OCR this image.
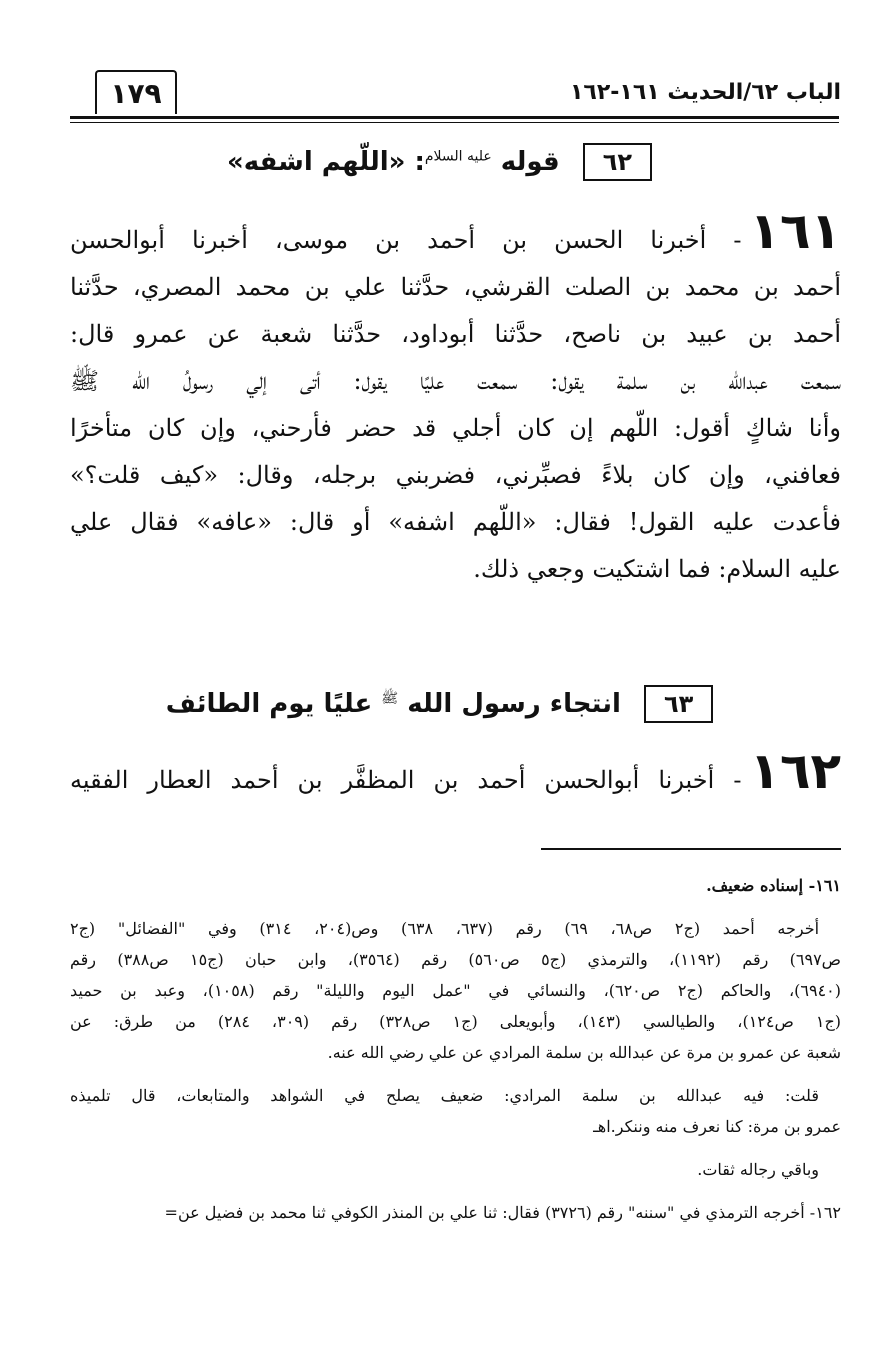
الباب ٦٢/الحديث ١٦١-١٦٢
١٧٩
٦٢ قوله $^{عليه السلام}$: «اللّهم اشفه»
١٦١- أخبرنا الحسن بن أحمد بن موسى، أخبرنا أبوالحسن
أحمد بن محمد بن الصلت القرشي، حدَّثنا علي بن محمد المصري، حدَّثنا
أحمد بن عبيد بن ناصح، حدَّثنا أبوداود، حدَّثنا شعبة عن عمرو قال:
سمعت عبدالله بن سلمة يقول: سمعت عليًا يقول: أتى إلي رسولُ الله ﷺ
وأنا شاكٍ أقول: اللّهم إن كان أجلي قد حضر فأرحني، وإن كان متأخرًا
فعافني، وإن كان بلاءً فصبِّرني، فضربني برجله، وقال: «كيف قلت؟»
فأعدت عليه القول! فقال: «اللّهم اشفه» أو قال: «عافه» فقال علي
عليه السلام: فما اشتكيت وجعي ذلك.
٦٣ انتجاء رسول الله $^ﷺ$ عليًا يوم الطائف
١٦٢- أخبرنا أبوالحسن أحمد بن المظفَّر بن أحمد العطار الفقيه
١٦١- إسناده ضعيف.
أخرجه أحمد (ج٢ ص٦٨، ٦٩) رقم (٦٣٧، ٦٣٨) وص(٢٠٤، ٣١٤) وفي "الفضائل" (ج٢
ص٦٩٧) رقم (١١٩٢)، والترمذي (ج٥ ص٥٦٠) رقم (٣٥٦٤)، وابن حبان (ج١٥ ص٣٨٨) رقم
(٦٩٤٠)، والحاكم (ج٢ ص٦٢٠)، والنسائي في "عمل اليوم والليلة" رقم (١٠٥٨)، وعبد بن حميد
(ج١ ص١٢٤)، والطيالسي (١٤٣)، وأبويعلى (ج١ ص٣٢٨) رقم (٣٠٩، ٢٨٤) من طرق: عن
شعبة عن عمرو بن مرة عن عبدالله بن سلمة المرادي عن علي رضي الله عنه.
قلت: فيه عبدالله بن سلمة المرادي: ضعيف يصلح في الشواهد والمتابعات، قال تلميذه
عمرو بن مرة: كنا نعرف منه وننكر.اهـ
وباقي رجاله ثقات.
١٦٢- أخرجه الترمذي في "سننه" رقم (٣٧٢٦) فقال: ثنا علي بن المنذر الكوفي ثنا محمد بن فضيل عن=
